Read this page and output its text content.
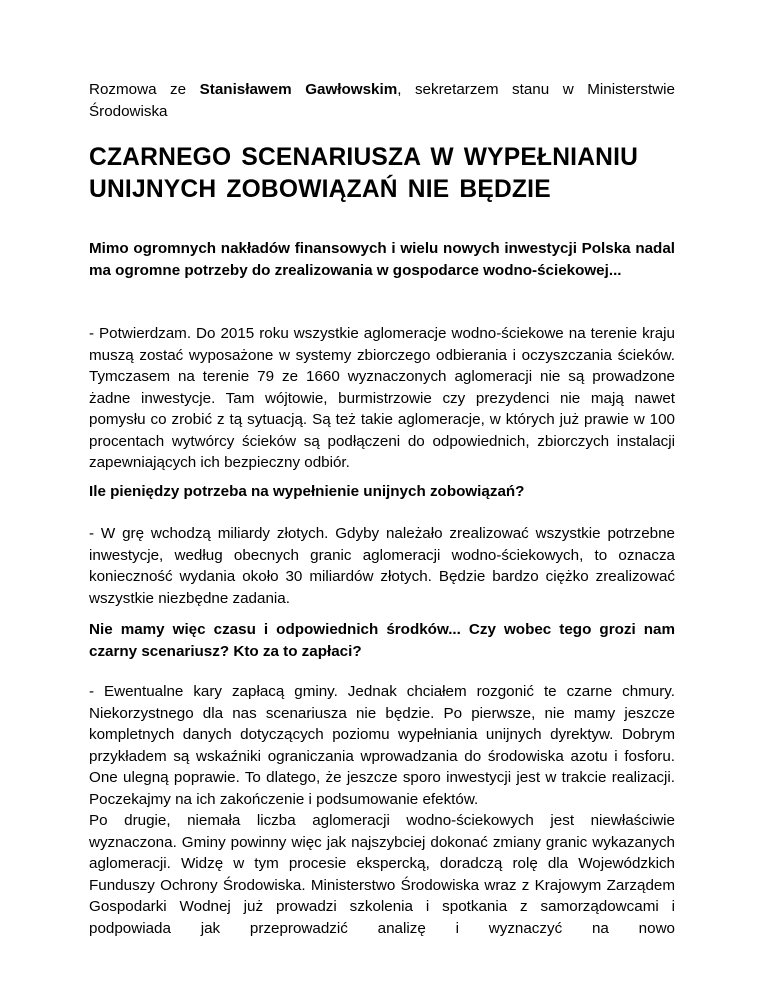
Rozmowa ze Stanisławem Gawłowskim, sekretarzem stanu w Ministerstwie Środowiska

CZARNEGO SCENARIUSZA W WYPEŁNIANIU
UNIJNYCH ZOBOWIĄZAŃ NIE BĘDZIE

Mimo ogromnych nakładów finansowych i wielu nowych inwestycji Polska nadal ma ogromne potrzeby do zrealizowania w gospodarce wodno-ściekowej...

- Potwierdzam. Do 2015 roku wszystkie aglomeracje wodno-ściekowe na terenie kraju muszą zostać wyposażone w systemy zbiorczego odbierania i oczyszczania ścieków. Tymczasem na terenie 79 ze 1660 wyznaczonych aglomeracji nie są prowadzone żadne inwestycje. Tam wójtowie, burmistrzowie czy prezydenci nie mają nawet pomysłu co zrobić z tą sytuacją. Są też takie aglomeracje, w których już prawie w 100 procentach wytwórcy ścieków są podłączeni do odpowiednich, zbiorczych instalacji zapewniających ich bezpieczny odbiór.

Ile pieniędzy potrzeba na wypełnienie unijnych zobowiązań?

- W grę wchodzą miliardy złotych. Gdyby należało zrealizować wszystkie potrzebne inwestycje, według obecnych granic aglomeracji wodno-ściekowych, to oznacza konieczność wydania około 30 miliardów złotych. Będzie bardzo ciężko zrealizować wszystkie niezbędne zadania.

Nie mamy więc czasu i odpowiednich środków... Czy wobec tego grozi nam czarny scenariusz? Kto za to zapłaci?

- Ewentualne kary zapłacą gminy. Jednak chciałem rozgonić te czarne chmury. Niekorzystnego dla nas scenariusza nie będzie. Po pierwsze, nie mamy jeszcze kompletnych danych dotyczących poziomu wypełniania unijnych dyrektyw. Dobrym przykładem są wskaźniki ograniczania wprowadzania do środowiska azotu i fosforu. One ulegną poprawie. To dlatego, że jeszcze sporo inwestycji jest w trakcie realizacji. Poczekajmy na ich zakończenie i podsumowanie efektów.

Po drugie, niemała liczba aglomeracji wodno-ściekowych jest niewłaściwie wyznaczona. Gminy powinny więc jak najszybciej dokonać zmiany granic wykazanych aglomeracji. Widzę w tym procesie ekspercką, doradczą rolę dla Wojewódzkich Funduszy Ochrony Środowiska. Ministerstwo Środowiska wraz z Krajowym Zarządem Gospodarki Wodnej już prowadzi szkolenia i spotkania z samorządowcami i podpowiada jak przeprowadzić analizę i wyznaczyć na nowo
